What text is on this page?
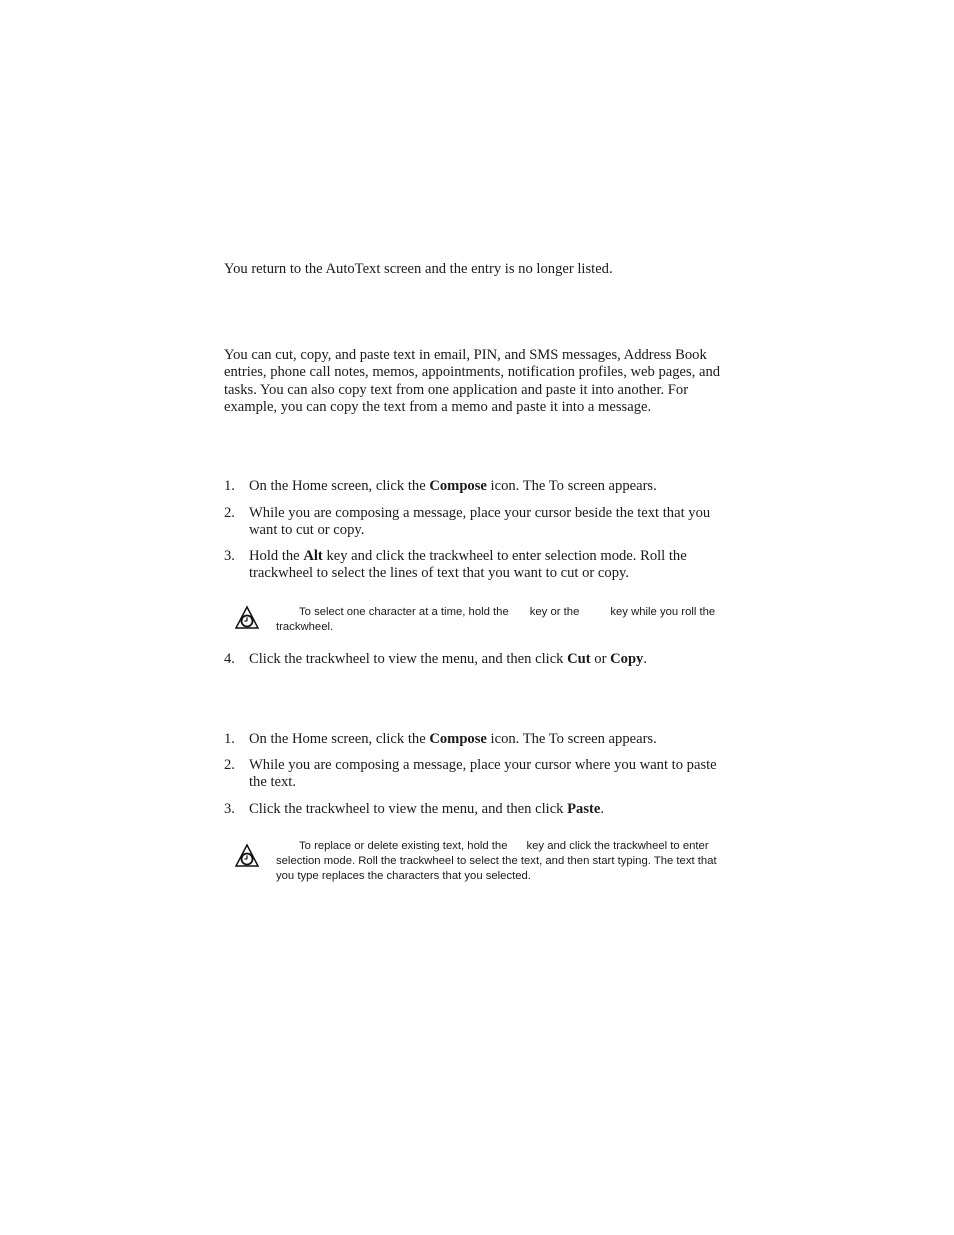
You return to the AutoText screen and the entry is no longer listed.

You can cut, copy, and paste text in email, PIN, and SMS messages, Address Book entries, phone call notes, memos, appointments, notification profiles, web pages, and tasks. You can also copy text from one application and paste it into another. For example, you can copy the text from a memo and paste it into a message.

1. On the Home screen, click the Compose icon. The To screen appears.
2. While you are composing a message, place your cursor beside the text that you want to cut or copy.
3. Hold the Alt key and click the trackwheel to enter selection mode. Roll the trackwheel to select the lines of text that you want to cut or copy.
To select one character at a time, hold the key or the	key while you roll the trackwheel.
4. Click the trackwheel to view the menu, and then click Cut or Copy.
1. On the Home screen, click the Compose icon. The To screen appears.
2. While you are composing a message, place your cursor where you want to paste the text.
3. Click the trackwheel to view the menu, and then click Paste.
To replace or delete existing text, hold the key and click the trackwheel to enter selection mode. Roll the trackwheel to select the text, and then start typing. The text that you type replaces the characters that you selected.
